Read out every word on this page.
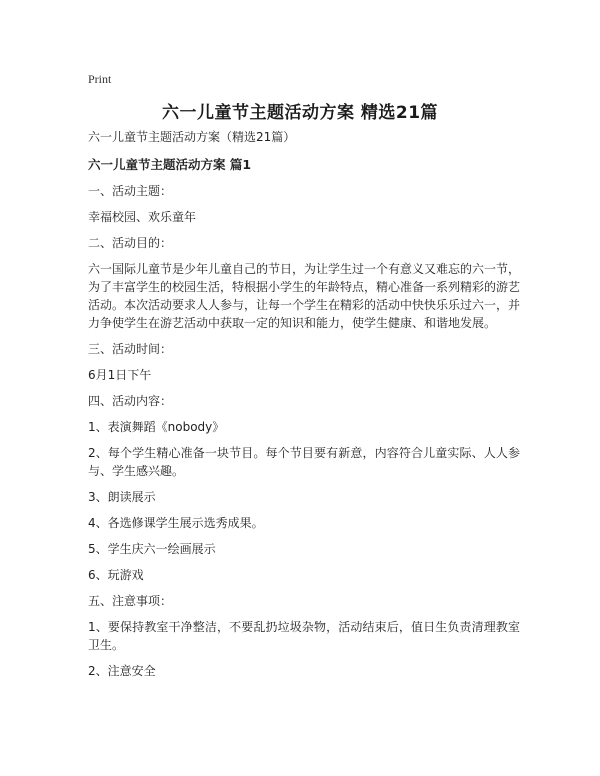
Print
六一儿童节主题活动方案 精选21篇

六一儿童节主题活动方案（精选21篇）

六一儿童节主题活动方案 篇1

一、活动主题：

幸福校园、欢乐童年

二、活动目的：

六一国际儿童节是少年儿童自己的节日，为让学生过一个有意义又难忘的六一节，为了丰富学生的校园生活，特根据小学生的年龄特点，精心准备一系列精彩的游艺活动。本次活动要求人人参与，让每一个学生在精彩的活动中快快乐乐过六一，并力争使学生在游艺活动中获取一定的知识和能力，使学生健康、和谐地发展。

三、活动时间：

6月1日下午

四、活动内容：

1、表演舞蹈《nobody》

2、每个学生精心准备一块节目。每个节目要有新意，内容符合儿童实际、人人参与、学生感兴趣。

3、朗读展示

4、各选修课学生展示选秀成果。

5、学生庆六一绘画展示

6、玩游戏

五、注意事项：

1、要保持教室干净整洁，不要乱扔垃圾杂物，活动结束后，值日生负责清理教室卫生。

2、注意安全
